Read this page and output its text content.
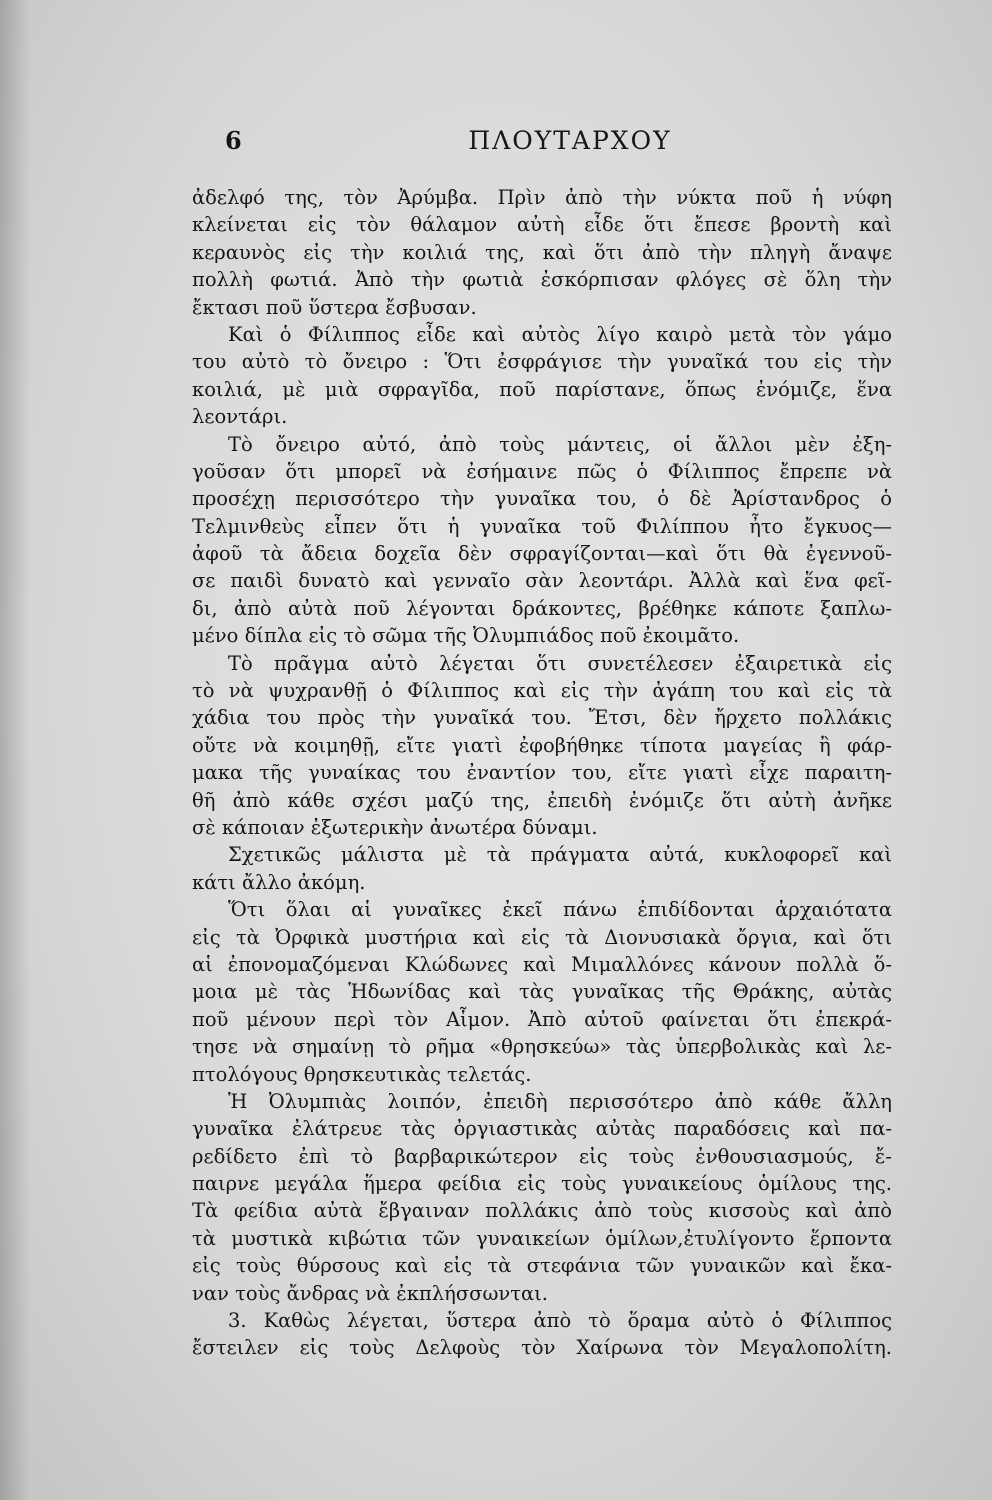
6	ΠΛΟΥΤΑΡΧΟΥ
ἀδελφό της, τὸν Ἀρύμβα. Πρὶν ἀπὸ τὴν νύκτα ποῦ ἡ νύφη
κλείνεται εἰς τὸν θάλαμον αὐτὴ εἶδε ὅτι ἔπεσε βροντὴ καὶ
κεραυνὸς εἰς τὴν κοιλιά της, καὶ ὅτι ἀπὸ τὴν πληγὴ ἄναψε
πολλὴ φωτιά. Ἀπὸ τὴν φωτιὰ ἐσκόρπισαν φλόγες σὲ ὅλη τὴν
ἔκτασι ποῦ ὕστερα ἔσβυσαν.
Καὶ ὁ Φίλιππος εἶδε καὶ αὐτὸς λίγο καιρὸ μετὰ τὸν γάμο
του αὐτὸ τὸ ὄνειρο : Ὅτι ἐσφράγισε τὴν γυναῖκά του εἰς τὴν
κοιλιά, μὲ μιὰ σφραγῖδα, ποῦ παρίστανε, ὅπως ἐνόμιζε, ἕνα
λεοντάρι.
Τὸ ὄνειρο αὐτό, ἀπὸ τοὺς μάντεις, οἱ ἄλλοι μὲν ἐξη-
γοῦσαν ὅτι μπορεῖ νὰ ἐσήμαινε πῶς ὁ Φίλιππος ἔπρεπε νὰ
προσέχῃ περισσότερο τὴν γυναῖκα του, ὁ δὲ Ἀρίστανδρος ὁ
Τελμινθεὺς εἶπεν ὅτι ἡ γυναῖκα τοῦ Φιλίππου ἦτο ἔγκυος—
ἀφοῦ τὰ ἄδεια δοχεῖα δὲν σφραγίζονται—καὶ ὅτι θὰ ἐγεννοῦ-
σε παιδὶ δυνατὸ καὶ γενναῖο σὰν λεοντάρι. Ἀλλὰ καὶ ἕνα φεῖ-
δι, ἀπὸ αὐτὰ ποῦ λέγονται δράκοντες, βρέθηκε κάποτε ξαπλω-
μένο δίπλα εἰς τὸ σῶμα τῆς Ὀλυμπιάδος ποῦ ἐκοιμᾶτο.
Τὸ πρᾶγμα αὐτὸ λέγεται ὅτι συνετέλεσεν ἐξαιρετικὰ εἰς
τὸ νὰ ψυχρανθῇ ὁ Φίλιππος καὶ εἰς τὴν ἀγάπη του καὶ εἰς τὰ
χάδια του πρὸς τὴν γυναῖκά του. Ἔτσι, δὲν ἤρχετο πολλάκις
οὔτε νὰ κοιμηθῇ, εἴτε γιατὶ ἐφοβήθηκε τίποτα μαγείας ἢ φάρ-
μακα τῆς γυναίκας του ἐναντίον του, εἴτε γιατὶ εἶχε παραιτη-
θῆ ἀπὸ κάθε σχέσι μαζύ της, ἐπειδὴ ἐνόμιζε ὅτι αὐτὴ ἀνῆκε
σὲ κάποιαν ἐξωτερικὴν ἀνωτέρα δύναμι.
Σχετικῶς μάλιστα μὲ τὰ πράγματα αὐτά, κυκλοφορεῖ καὶ
κάτι ἄλλο ἀκόμη.
Ὅτι ὅλαι αἱ γυναῖκες ἐκεῖ πάνω ἐπιδίδονται ἀρχαιότατα
εἰς τὰ Ὀρφικὰ μυστήρια καὶ εἰς τὰ Διονυσιακὰ ὄργια, καὶ ὅτι
αἱ ἐπονομαζόμεναι Κλώδωνες καὶ Μιμαλλόνες κάνουν πολλὰ ὅ-
μοια μὲ τὰς Ἡδωνίδας καὶ τὰς γυναῖκας τῆς Θράκης, αὐτὰς
ποῦ μένουν περὶ τὸν Αἷμον. Ἀπὸ αὐτοῦ φαίνεται ὅτι ἐπεκρά-
τησε νὰ σημαίνῃ τὸ ρῆμα «θρησκεύω» τὰς ὑπερβολικὰς καὶ λε-
πτολόγους θρησκευτικὰς τελετάς.
Ἡ Ὀλυμπιὰς λοιπόν, ἐπειδὴ περισσότερο ἀπὸ κάθε ἄλλη
γυναῖκα ἐλάτρευε τὰς ὀργιαστικὰς αὐτὰς παραδόσεις καὶ πα-
ρεδίδετο ἐπὶ τὸ βαρβαρικώτερον εἰς τοὺς ἐνθουσιασμούς, ἔ-
παιρνε μεγάλα ἥμερα φείδια εἰς τοὺς γυναικείους ὁμίλους της.
Τὰ φείδια αὐτὰ ἔβγαιναν πολλάκις ἀπὸ τοὺς κισσοὺς καὶ ἀπὸ
τὰ μυστικὰ κιβώτια τῶν γυναικείων ὁμίλων,ἐτυλίγοντο ἕρποντα
εἰς τοὺς θύρσους καὶ εἰς τὰ στεφάνια τῶν γυναικῶν καὶ ἔκα-
ναν τοὺς ἄνδρας νὰ ἐκπλήσσωνται.
3. Καθὼς λέγεται, ὕστερα ἀπὸ τὸ ὅραμα αὐτὸ ὁ Φίλιππος
ἔστειλεν εἰς τοὺς Δελφοὺς τὸν Χαίρωνα τὸν Μεγαλοπολίτη.
